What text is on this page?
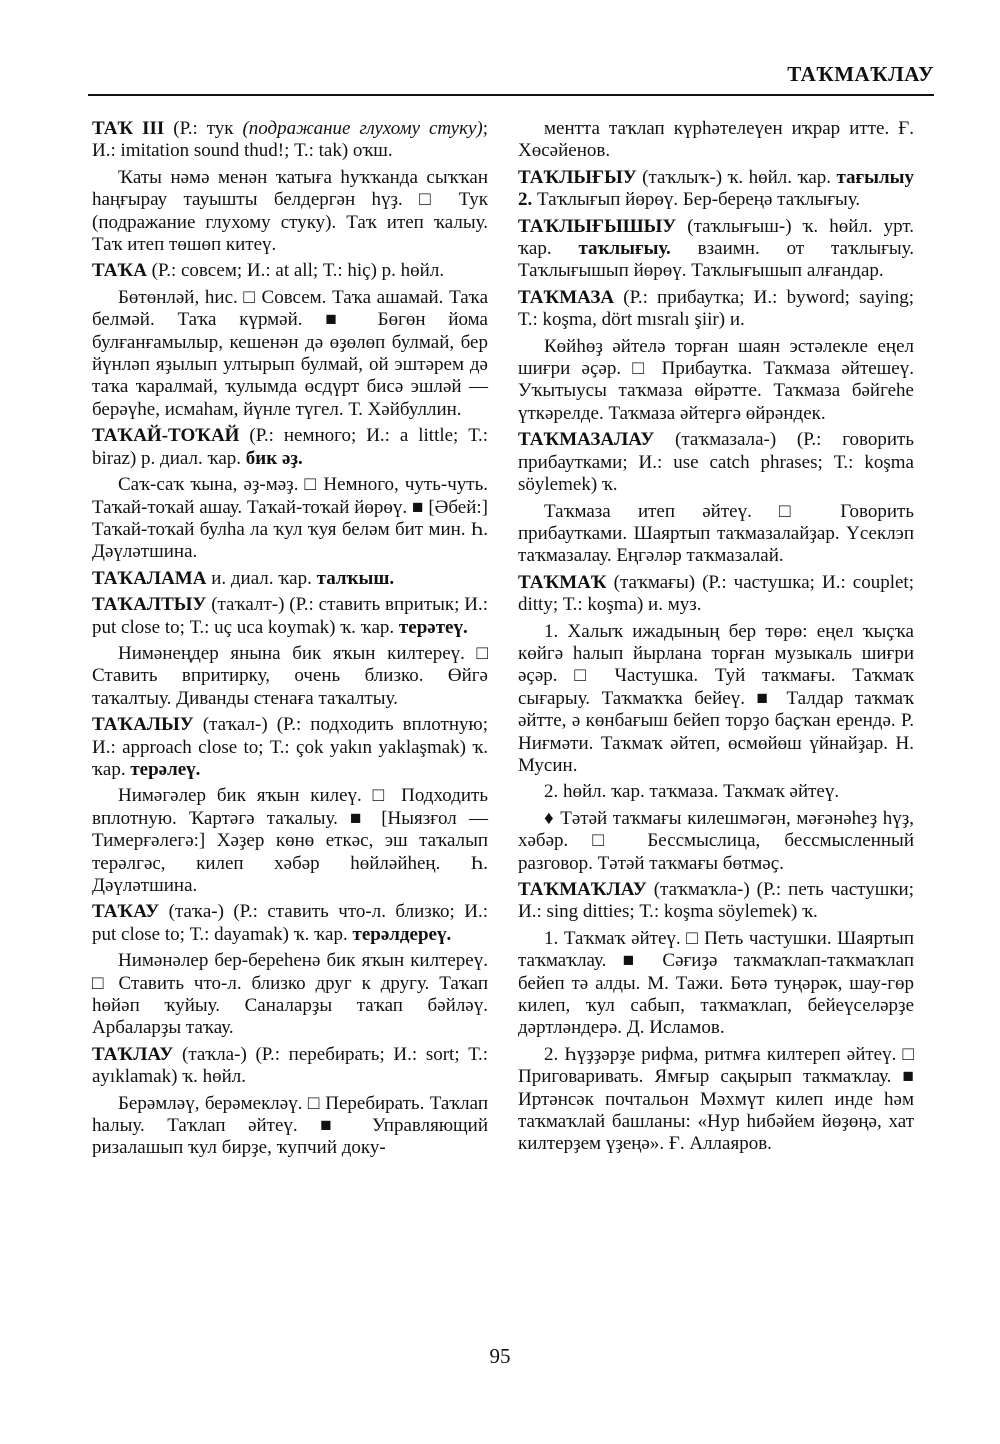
ТАҠМАҠЛАУ

ТАҠ III (Р.: тук (подражание глухому стуку); И.: imitation sound thud!; Т.: tak) оҡш.

Ҡаты нәмә менән ҡатыға һуҡҡанда сыҡҡан һаңғырау тауышты белдергән һүҙ. □ Тук (подражание глухому стуку). Таҡ итеп ҡалыу. Таҡ итеп төшөп китеү.

ТАҠА (Р.: совсем; И.: at all; Т.: hiç) р. һөйл.

Бөтөнләй, һис. □ Совсем. Таҡа ашамай. Таҡа белмәй. Таҡа күрмәй. ■ Бөгөн йома булғанғамылыр, кешенән дә өҙөлөп булмай, бер йүнләп яҙылып ултырып булмай, ой эштәрем дә таҡа ҡаралмай, ҡулымда өсдүрт бисә эшләй — берәүһе, исмаһам, йүнле түгел. Т. Хәйбуллин.

ТАҠАЙ-ТОҠАЙ (Р.: немного; И.: a little; Т.: biraz) р. диал. ҡар. бик әҙ.

Саҡ-саҡ ҡына, әҙ-мәҙ. □ Немного, чуть-чуть. Таҡай-тоҡай ашау. Таҡай-тоҡай йөрөү. ■ [Әбей:] Таҡай-тоҡай булһа ла ҡул ҡуя беләм бит мин. Һ. Дәүләтшина.

ТАҠАЛАМА и. диал. ҡар. талҡыш.

ТАҠАЛТЫУ (таҡалт-) (Р.: ставить впритык; И.: put close to; Т.: uç uca koymak) ҡ. ҡар. терәтеү.

Нимәнеңдер янына бик яҡын килтереү. □ Ставить впритирку, очень близко. Өйгә таҡалтыу. Диванды стенаға таҡалтыу.

ТАҠАЛЫУ (таҡал-) (Р.: подходить вплотную; И.: approach close to; Т.: çok yakın yaklaşmak) ҡ. ҡар. терәлеү.

Нимәгәлер бик яҡын килеү. □ Подходить вплотную. Ҡартәгә таҡалыу. ■ [Ныязғол — Тимерғәлегә:] Хәҙер көнө еткәс, эш таҡалып терәлгәс, килеп хәбәр һөйләйһең. Һ. Дәүләтшина.

ТАҠАУ (таҡа-) (Р.: ставить что-л. близко; И.: put close to; Т.: dayamak) ҡ. ҡар. терәлдереү.

Нимәнәлер бер-береһенә бик яҡын килтереү. □ Ставить что-л. близко друг к другу. Таҡап һөйәп ҡуйыу. Саналарҙы таҡап бәйләү. Арбаларҙы таҡау.

ТАҠЛАУ (таҡла-) (Р.: перебирать; И.: sort; Т.: ayıklamak) ҡ. һөйл.

Берәмләү, берәмекләү. □ Перебирать. Таҡлап һалыу. Таҡлап әйтеү. ■ Управляющий ризалашып ҡул бирҙе, ҡупчий доку-

ментта таҡлап күрһәтелеүен иҡрар итте. Ғ. Хөсәйенов.

ТАҠЛЫҒЫУ (таҡлыҡ-) ҡ. һөйл. ҡар. тағылыу 2. Таҡлығып йөрөү. Бер-береңә таҡлығыу.

ТАҠЛЫҒЫШЫУ (таҡлығыш-) ҡ. һөйл. урт. ҡар. таҡлығыу. взаимн. от таҡлығыу. Таҡлығышып йөрөү. Таҡлығышып алғандар.

ТАҠМАЗА (Р.: прибаутка; И.: byword; saying; Т.: koşma, dört mısralı şiir) и.

Көйһөҙ әйтелә торған шаян эстәлекле еңел шиғри әҫәр. □ Прибаутка. Таҡмаза әйтешеү. Уҡытыусы таҡмаза өйрәтте. Таҡмаза бәйгеһе үткәрелде. Таҡмаза әйтергә өйрәндек.

ТАҠМАЗАЛАУ (таҡмазала-) (Р.: говорить прибаутками; И.: use catch phrases; Т.: koşma söylemek) ҡ.

Таҡмаза итеп әйтеү. □ Говорить прибаутками. Шаяртып таҡмазалайҙар. Үсеклэп таҡмазалау. Еңгәләр таҡмазалай.

ТАҠМАҠ (таҡмағы) (Р.: частушка; И.: couplet; ditty; Т.: koşma) и. муз.

1. Халыҡ ижадының бер төрө: еңел ҡыҫҡа көйгә һалып йырлана торған музыкаль шиғри әҫәр. □ Частушка. Туй таҡмағы. Таҡмаҡ сығарыу. Таҡмаҡҡа бейеү. ■ Талдар таҡмаҡ әйтте, ә көнбағыш бейеп торҙо баҫҡан ерендә. Р. Ниғмәти. Таҡмаҡ әйтеп, өсмөйөш үйнайҙар. Н. Мусин.

2. һөйл. ҡар. таҡмаза. Таҡмаҡ әйтеү.

♦ Тәтәй таҡмағы килешмәгән, мәғәнәһеҙ һүҙ, хәбәр. □ Бессмыслица, бессмысленный разговор. Тәтәй таҡмағы бөтмәҫ.

ТАҠМАҠЛАУ (таҡмаҡла-) (Р.: петь частушки; И.: sing ditties; Т.: koşma söylemek) ҡ.

1. Таҡмаҡ әйтеү. □ Петь частушки. Шаяртып таҡмаҡлау. ■ Сәғиҙә таҡмаҡлап-таҡмаҡлап бейеп тә алды. М. Тажи. Бөтә туңәрәк, шау-гөр килеп, ҡул сабып, таҡмаҡлап, бейеүселәрҙе дәртләндерә. Д. Исламов.

2. Һүҙҙәрҙе рифма, ритмға килтереп әйтеү. □ Приговаривать. Ямғыр сақырып таҡмаҡлау. ■ Иртәнсәк почтальон Мәхмүт килеп инде һәм таҡмаҡлай башланы: «Нур һибәйем йөҙөңә, хат килтерҙем үҙеңә». Ғ. Аллаяров.

95
